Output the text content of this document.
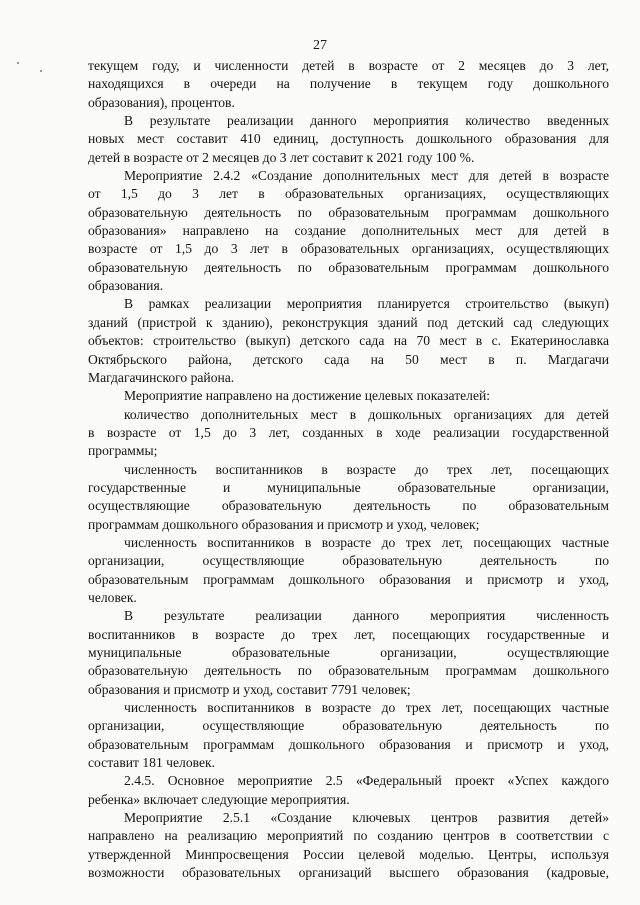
27
текущем году, и численности детей в возрасте от 2 месяцев до 3 лет,
находящихся в очереди на получение в текущем году дошкольного
образования), процентов.
В результате реализации данного мероприятия количество введенных
новых мест составит 410 единиц, доступность дошкольного образования для
детей в возрасте от 2 месяцев до 3 лет составит к 2021 году 100 %.
Мероприятие 2.4.2 «Создание дополнительных мест для детей в возрасте
от 1,5 до 3 лет в образовательных организациях, осуществляющих
образовательную деятельность по образовательным программам дошкольного
образования» направлено на создание дополнительных мест для детей в
возрасте от 1,5 до 3 лет в образовательных организациях, осуществляющих
образовательную деятельность по образовательным программам дошкольного
образования.
В рамках реализации мероприятия планируется строительство (выкуп)
зданий (пристрой к зданию), реконструкция зданий под детский сад следующих
объектов: строительство (выкуп) детского сада на 70 мест в с. Екатеринославка
Октябрьского района, детского сада на 50 мест в п. Магдагачи
Магдагачинского района.
Мероприятие направлено на достижение целевых показателей:
количество дополнительных мест в дошкольных организациях для детей
в возрасте от 1,5 до 3 лет, созданных в ходе реализации государственной
программы;
численность воспитанников в возрасте до трех лет, посещающих
государственные и муниципальные образовательные организации,
осуществляющие образовательную деятельность по образовательным
программам дошкольного образования и присмотр и уход, человек;
численность воспитанников в возрасте до трех лет, посещающих частные
организации, осуществляющие образовательную деятельность по
образовательным программам дошкольного образования и присмотр и уход,
человек.
В результате реализации данного мероприятия численность
воспитанников в возрасте до трех лет, посещающих государственные и
муниципальные образовательные организации, осуществляющие
образовательную деятельность по образовательным программам дошкольного
образования и присмотр и уход, составит 7791 человек;
численность воспитанников в возрасте до трех лет, посещающих частные
организации, осуществляющие образовательную деятельность по
образовательным программам дошкольного образования и присмотр и уход,
составит 181 человек.
2.4.5. Основное мероприятие 2.5 «Федеральный проект «Успех каждого
ребенка» включает следующие мероприятия.
Мероприятие 2.5.1 «Создание ключевых центров развития детей»
направлено на реализацию мероприятий по созданию центров в соответствии с
утвержденной Минпросвещения России целевой моделью. Центры, используя
возможности образовательных организаций высшего образования (кадровые,
